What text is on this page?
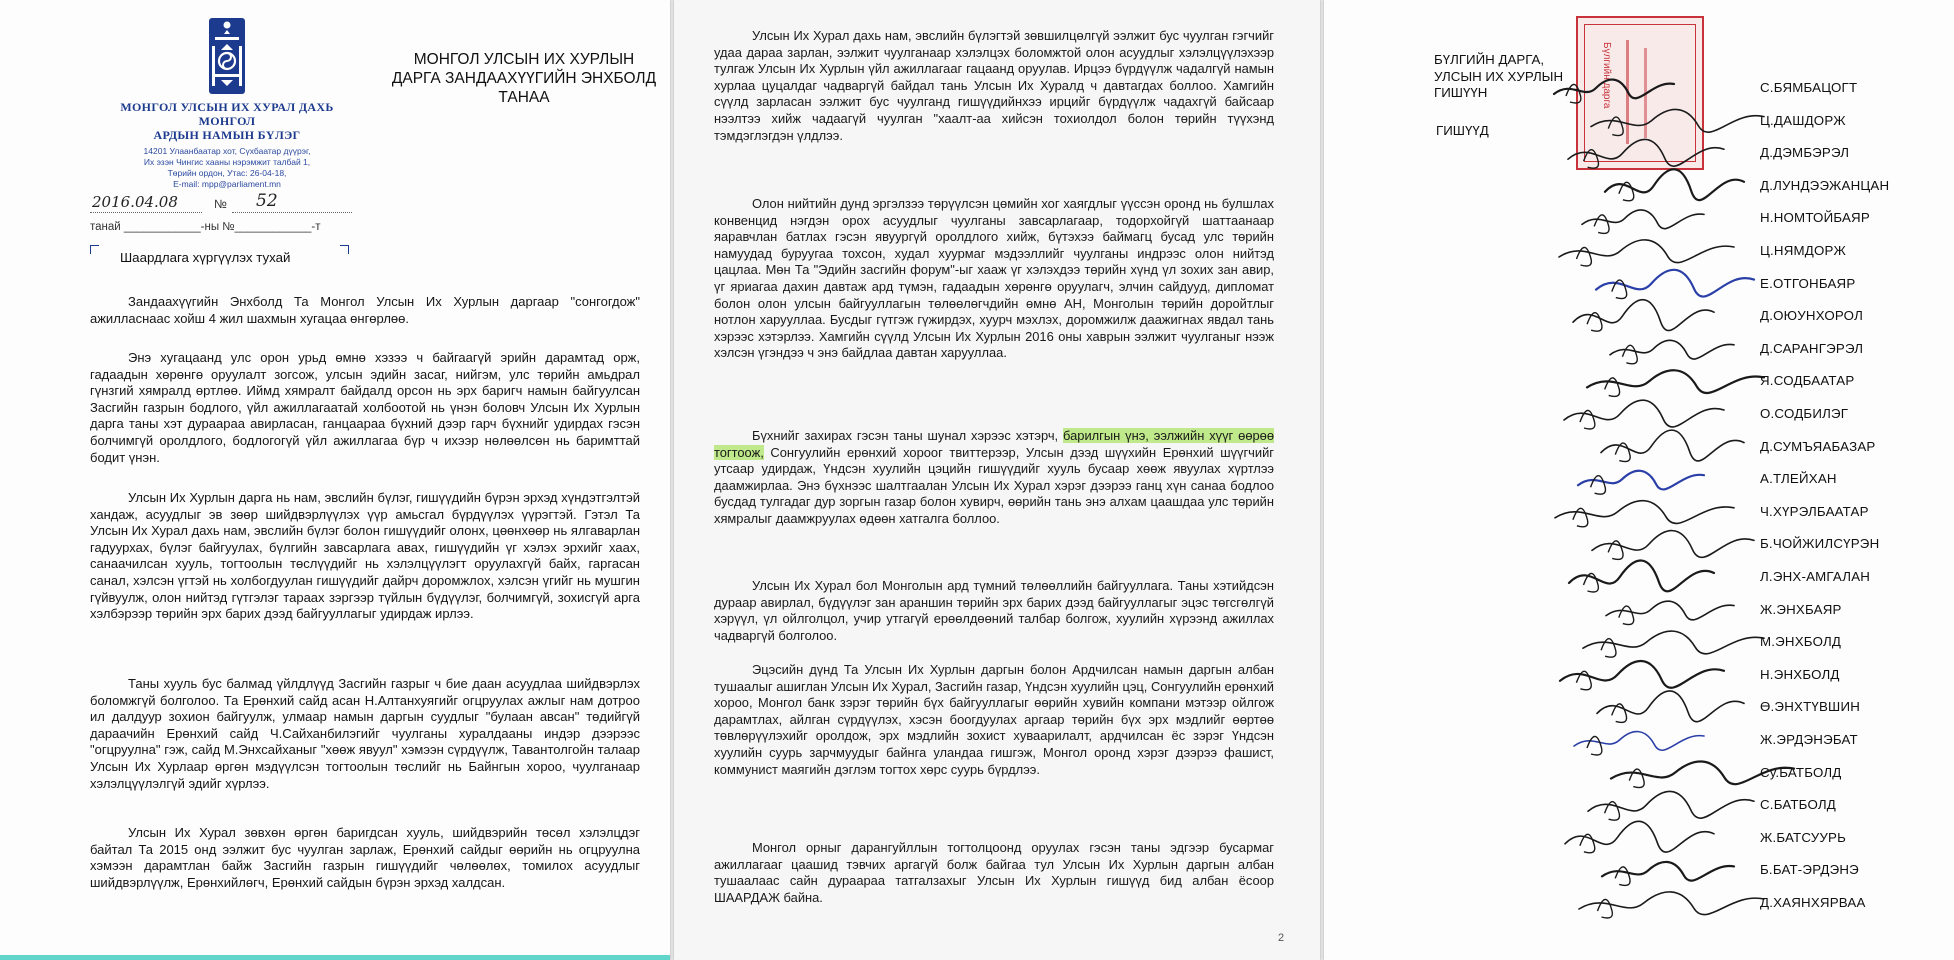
МОНГОЛ УЛСЫН ИХ ХУРАЛ ДАХЬ
МОНГОЛ
АРДЫН НАМЫН БҮЛЭГ
14201 Улаанбаатар хот, Сүхбаатар дүүрэг,
Их эзэн Чингис хааны нэрэмжит талбай 1,
Төрийн ордон, Утас: 26-04-18,
E-mail: mpp@parliament.mn
2016.04.08	№ 52
танай ____________-ны №____________-т
Шаардлага хүргүүлэх тухай
МОНГОЛ УЛСЫН ИХ ХУРЛЫН
ДАРГА ЗАНДААХҮҮГИЙН ЭНХБОЛД
ТАНАА
Зандаахүүгийн Энхболд Та Монгол Улсын Их Хурлын даргаар "сонгогдож" ажилласнаас хойш 4 жил шахмын хугацаа өнгөрлөө.
Энэ хугацаанд улс орон урьд өмнө хэзээ ч байгаагүй эрийн дарамтад орж, гадаадын хөрөнгө оруулалт зогсож, улсын эдийн засаг, нийгэм, улс төрийн амьдрал гүнзгий хямралд өртлөө. Иймд хямралт байдалд орсон нь эрх баригч намын байгуулсан Засгийн газрын бодлого, үйл ажиллагаатай холбоотой нь үнэн боловч Улсын Их Хурлын дарга таны хэт дураараа авирласан, ганцаараа бүхний дээр гарч бүхнийг удирдах гэсэн болчимгүй оролдлого, бодлогогүй үйл ажиллагаа бүр ч ихээр нөлөөлсөн нь баримттай бодит үнэн.
Улсын Их Хурлын дарга нь нам, эвслийн бүлэг, гишүүдийн бүрэн эрхэд хүндэтгэлтэй хандаж, асуудлыг эв зөөр шийдвэрлүүлэх үүр амьсгал бүрдүүлэх үүрэгтэй. Гэтэл Та Улсын Их Хурал дахь нам, эвслийн бүлэг болон гишүүдийг олонх, цөөнхөөр нь ялгаварлан гадуурхах, бүлэг байгуулах, бүлгийн завсарлага авах, гишүүдийн үг хэлэх эрхийг хаах, санаачилсан хууль, тогтоолын төслүүдийг нь хэлэлцүүлэгт оруулахгүй байх, гаргасан санал, хэлсэн үгтэй нь холбогдуулан гишүүдийг дайрч доромжлох, хэлсэн үгийг нь мушгин гүйвуулж, олон нийтэд гүтгэлэг тараах зэргээр түйлын бүдүүлэг, болчимгүй, зохисгүй арга хэлбэрээр төрийн эрх барих дээд байгууллагыг удирдаж ирлээ.
Таны хууль бус балмад үйлдлүүд Засгийн газрыг ч бие даан асуудлаа шийдвэрлэх боломжгүй болголоо. Та Ерөнхий сайд асан Н.Алтанхуягийг огцруулах ажлыг нам дотроо ил далдуур зохион байгуулж, улмаар намын даргын суудлыг "булаан авсан" төдийгүй дараачийн Ерөнхий сайд Ч.Сайханбилэгийг чуулганы хуралдааны индэр дээрээс "огцруулна" гэж, сайд М.Энхсайханыг "хөөж явуул" хэмээн сүрдүүлж, Тавантолгойн талаар Улсын Их Хурлаар өргөн мэдүүлсэн тогтоолын төслийг нь Байнгын хороо, чуулганаар хэлэлцүүлэлгүй эдийг хүрлээ.
Улсын Их Хурал зөвхөн өргөн баригдсан хууль, шийдвэрийн төсөл хэлэлцдэг байтал Та 2015 онд ээлжит бус чуулган зарлаж, Ерөнхий сайдыг өөрийн нь огцруулна хэмээн дарамтлан байж Засгийн газрын гишүүдийг чөлөөлөх, томилох асуудлыг шийдвэрлүүлж, Ерөнхийлөгч, Ерөнхий сайдын бүрэн эрхэд халдсан.
Улсын Их Хурал дахь нам, эвслийн бүлэгтэй зөвшилцөлгүй ээлжит бус чуулган гэгчийг удаа дараа зарлан, ээлжит чуулганаар хэлэлцэх боломжтой олон асуудлыг хэлэлцүүлэхээр тулгаж Улсын Их Хурлын үйл ажиллагааг гацаанд оруулав. Ирцээ бүрдүүлж чадалгүй намын хурлаа цуцалдаг чадваргүй байдал тань Улсын Их Хуралд ч давтагдах боллоо. Хамгийн сүүлд зарласан ээлжит бус чуулганд гишүүдийнхээ ирцийг бүрдүүлж чадахгүй байсаар нээлтээ хийж чадаагүй чуулган "хаалт-аа хийсэн тохиолдол болон төрийн түүхэнд тэмдэглэгдэн үлдлээ.
Олон нийтийн дунд эргэлзээ төрүүлсэн цөмийн хог хаягдлыг үүссэн оронд нь булшлах конвенцид нэгдэн орох асуудлыг чуулганы завсарлагаар, тодорхойгүй шаттаанаар яаравчлан батлах гэсэн явуургүй оролдлого хийж, бүтэхээ баймагц бусад улс төрийн намуудад буруугаа тохсон, худал хуурмаг мэдээллийг чуулганы индрээс олон нийтэд цацлаа. Мөн Та "Эдийн засгийн форум"-ыг хааж үг хэлэхдээ төрийн хүнд үл зохих зан авир, үг яриагаа дахин давтаж ард түмэн, гадаадын хөрөнгө оруулагч, элчин сайдууд, дипломат болон олон улсын байгууллагын төлөөлөгчдийн өмнө АН, Монголын төрийн доройтлыг нотлон харууллаа. Бусдыг гүтгэж гүжирдэх, хуурч мэхлэх, доромжилж даажигнах явдал тань хэрээс хэтэрлээ. Хамгийн сүүлд Улсын Их Хурлын 2016 оны хаврын ээлжит чуулганыг нээж хэлсэн үгэндээ ч энэ байдлаа давтан харууллаа.
Бүхнийг захирах гэсэн таны шунал хэрээс хэтэрч, барилгын үнэ, ээлжийн хүүг өөрөө тогтоож, Сонгуулийн ерөнхий хороог твиттерээр, Улсын дээд шүүхийн Ерөнхий шүүгчийг утсаар удирдаж, Үндсэн хуулийн цэцийн гишүүдийг хууль бусаар хөөж явуулах хүртлээ даамжирлаа. Энэ бүхнээс шалтгаалан Улсын Их Хурал хэрэг дээрээ ганц хүн санаа бодлоо бусдад тулгадаг дур зоргын газар болон хувирч, өөрийн тань энэ алхам цаашдаа улс төрийн хямралыг даамжруулах өдөөн хатгалга боллоо.
Улсын Их Хурал бол Монголын ард түмний төлөөллийн байгууллага. Таны хэтийдсэн дураар авирлал, бүдүүлэг зан араншин төрийн эрх барих дээд байгууллагыг эцэс төгсгөлгүй хэрүүл, үл ойлголцол, учир утгагүй ерөөлдөөний талбар болгож, хуулийн хүрээнд ажиллах чадваргүй болголоо.
Эцэсийн дүнд Та Улсын Их Хурлын даргын болон Ардчилсан намын даргын албан тушаалыг ашиглан Улсын Их Хурал, Засгийн газар, Үндсэн хуулийн цэц, Сонгуулийн ерөнхий хороо, Монгол банк зэрэг төрийн бүх байгууллагыг өөрийн хувийн компани мэтээр ойлгож дарамтлах, айлган сүрдүүлэх, хэсэн боогдуулах аргаар төрийн бүх эрх мэдлийг өөртөө төвлөрүүлэхийг оролдож, эрх мэдлийн зохист хуваарилалт, ардчилсан ёс зэрэг Үндсэн хуулийн суурь зарчмуудыг байнга уландаа гишгэж, Монгол оронд хэрэг дээрээ фашист, коммунист маягийн дэглэм тогтох хөрс суурь бүрдлээ.
Монгол орныг дарангуйллын тогтолцоонд оруулах гэсэн таны эдгээр бусармаг ажиллагааг цаашид тэвчих аргагүй болж байгаа тул Улсын Их Хурлын даргын албан тушаалаас сайн дураараа татгалзахыг Улсын Их Хурлын гишүүд бид албан ёсоор ШААРДАЖ байна.
2
БҮЛГИЙН ДАРГА,
УЛСЫН ИХ ХУРЛЫН
ГИШҮҮН
ГИШҮҮД
Бүлгийн дарга	С.БЯМБАЦОГТ
Ц.ДАШДОРЖ
Д.ДЭМБЭРЭЛ
Д.ЛУНДЭЭЖАНЦАН
Н.НОМТОЙБАЯР
Ц.НЯМДОРЖ
Е.ОТГОНБАЯР
Д.ОЮУНХОРОЛ
Д.САРАНГЭРЭЛ
Я.СОДБААТАР
О.СОДБИЛЭГ
Д.СУМЪЯАБАЗАР
А.ТЛЕЙХАН
Ч.ХҮРЭЛБААТАР
Б.ЧОЙЖИЛСҮРЭН
Л.ЭНХ-АМГАЛАН
Ж.ЭНХБАЯР
М.ЭНХБОЛД
Н.ЭНХБОЛД
Ө.ЭНХТҮВШИН
Ж.ЭРДЭНЭБАТ
Су.БАТБОЛД
С.БАТБОЛД
Ж.БАТСУУРЬ
Б.БАТ-ЭРДЭНЭ
Д.ХАЯНХЯРВАА
